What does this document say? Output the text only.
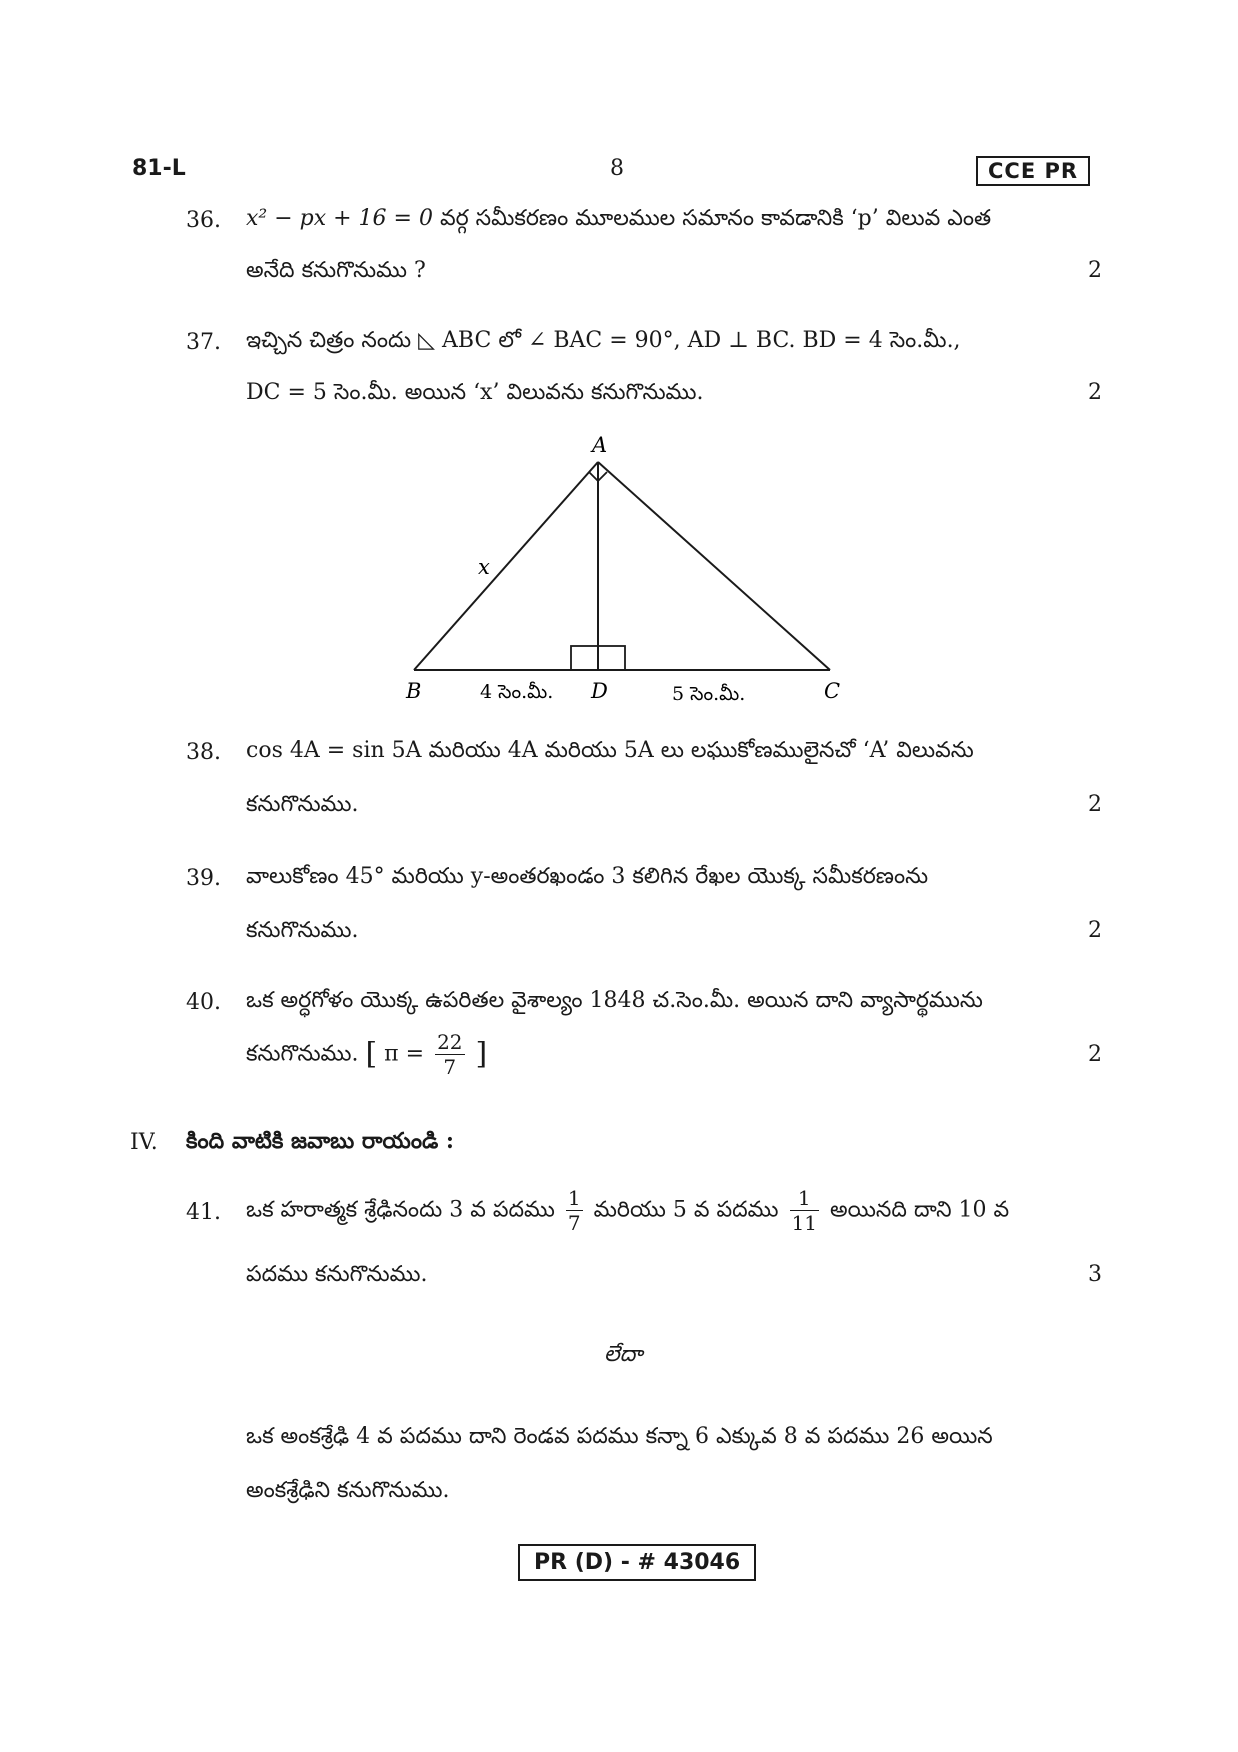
81-L	8	CCE PR
36. x² − px + 16 = 0 వర్గ సమీకరణం మూలముల సమానం కావడానికి ‘p’ విలువ ఎంత
అనేది కనుగొనుము ?	2
37. ఇచ్చిన చిత్రం నందు ◺ ABC లో ∠ BAC = 90°, AD ⊥ BC. BD = 4 సెం.మీ.,
DC = 5 సెం.మీ. అయిన ‘x’ విలువను కనుగొనుము.	2
A
B	C
D
x
4 సెం.మీ.	5 సెం.మీ.
38. cos 4A = sin 5A మరియు 4A మరియు 5A లు లఘుకోణములైనచో ‘A’ విలువను
కనుగొనుము.	2
39. వాలుకోణం 45° మరియు y-అంతరఖండం 3 కలిగిన రేఖల యొక్క సమీకరణంను
కనుగొనుము.	2
40. ఒక అర్ధగోళం యొక్క ఉపరితల వైశాల్యం 1848 చ.సెం.మీ. అయిన దాని వ్యాసార్థమును
కనుగొనుము. [ $\pi = \frac{22}{7}$ ]	2
IV. కింది వాటికి జవాబు రాయండి :
41. ఒక హరాత్మక శ్రేఢినందు 3 వ పదము $\frac{1}{7}$ మరియు 5 వ పదము $\frac{1}{11}$ అయినది దాని 10 వ
పదము కనుగొనుము.	3
లేదా
ఒక అంకశ్రేఢి 4 వ పదము దాని రెండవ పదము కన్నా 6 ఎక్కువ 8 వ పదము 26 అయిన
అంకశ్రేఢిని కనుగొనుము.
PR (D) - # 43046
